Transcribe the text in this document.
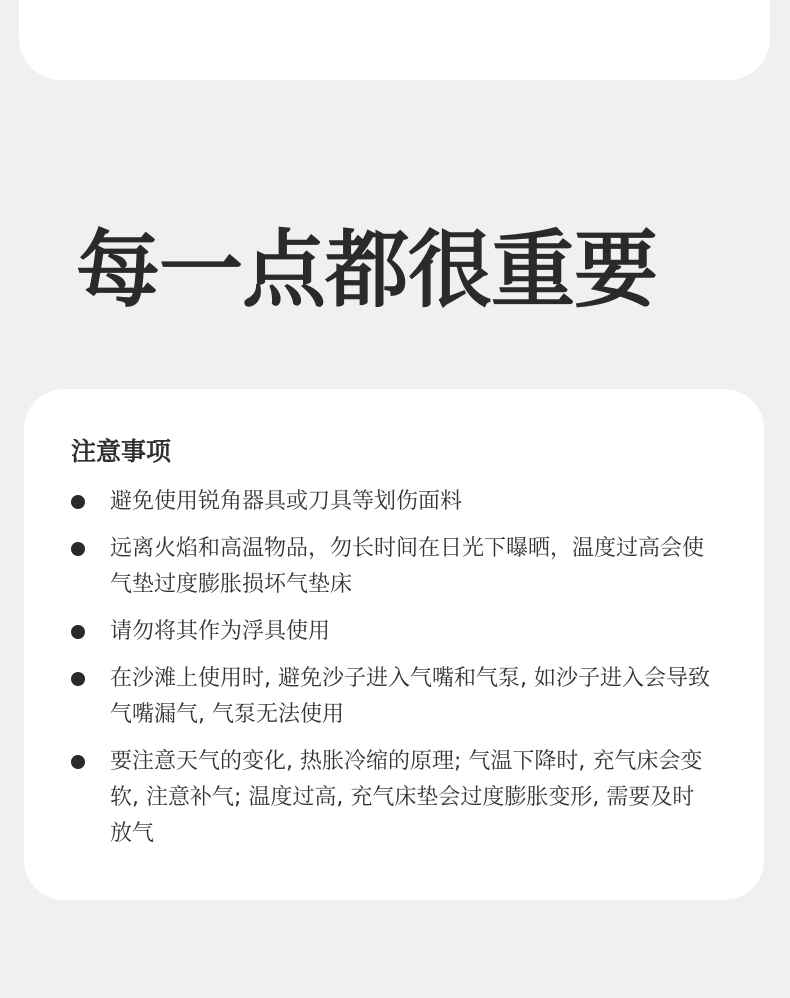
每一点都很重要
注意事项
避免使用锐角器具或刀具等划伤面料
远离火焰和高温物品，勿长时间在日光下曝晒，温度过高会使气垫过度膨胀损坏气垫床
请勿将其作为浮具使用
在沙滩上使用时, 避免沙子进入气嘴和气泵, 如沙子进入会导致气嘴漏气, 气泵无法使用
要注意天气的变化, 热胀冷缩的原理; 气温下降时, 充气床会变软, 注意补气; 温度过高, 充气床垫会过度膨胀变形, 需要及时放气
